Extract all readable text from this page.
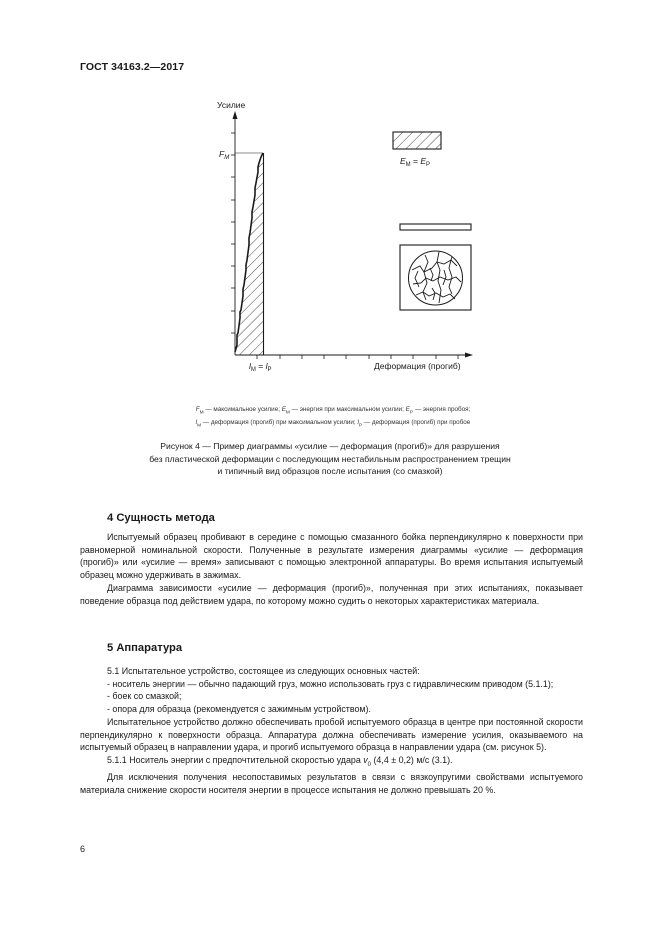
ГОСТ 34163.2—2017
Усилие
$F_М$
Деформация (прогиб)
$l_М = l_Р$
$E_М = E_Р$
$F_М$ — максимальное усилие; $E_М$ — энергия при максимальном усилии; $E_Р$ — энергия пробоя;
$l_М$ — деформация (прогиб) при максимальном усилии; $l_Р$ — деформация (прогиб) при пробое
Рисунок 4 — Пример диаграммы «усилие — деформация (прогиб)» для разрушения
без пластической деформации с последующим нестабильным распространением трещин
и типичный вид образцов после испытания (со смазкой)
4 Сущность метода

Испытуемый образец пробивают в середине с помощью смазанного бойка перпендикулярно к поверхности при равномерной номинальной скорости. Полученные в результате измерения диаграммы «усилие — деформация (прогиб)» или «усилие — время» записывают с помощью электронной аппаратуры. Во время испытания испытуемый образец можно удерживать в зажимах.

Диаграмма зависимости «усилие — деформация (прогиб)», полученная при этих испытаниях, показывает поведение образца под действием удара, по которому можно судить о некоторых характеристиках материала.

5 Аппаратура

5.1 Испытательное устройство, состоящее из следующих основных частей:

- носитель энергии — обычно падающий груз, можно использовать груз с гидравлическим приводом (5.1.1);

- боек со смазкой;

- опора для образца (рекомендуется с зажимным устройством).

Испытательное устройство должно обеспечивать пробой испытуемого образца в центре при постоянной скорости перпендикулярно к поверхности образца. Аппаратура должна обеспечивать измерение усилия, оказываемого на испытуемый образец в направлении удара, и прогиб испытуемого образца в направлении удара (см. рисунок 5).

5.1.1 Носитель энергии с предпочтительной скоростью удара $v_0$ (4,4 ± 0,2) м/с (3.1).

Для исключения получения несопоставимых результатов в связи с вязкоупругими свойствами испытуемого материала снижение скорости носителя энергии в процессе испытания не должно превышать 20 %.

6
